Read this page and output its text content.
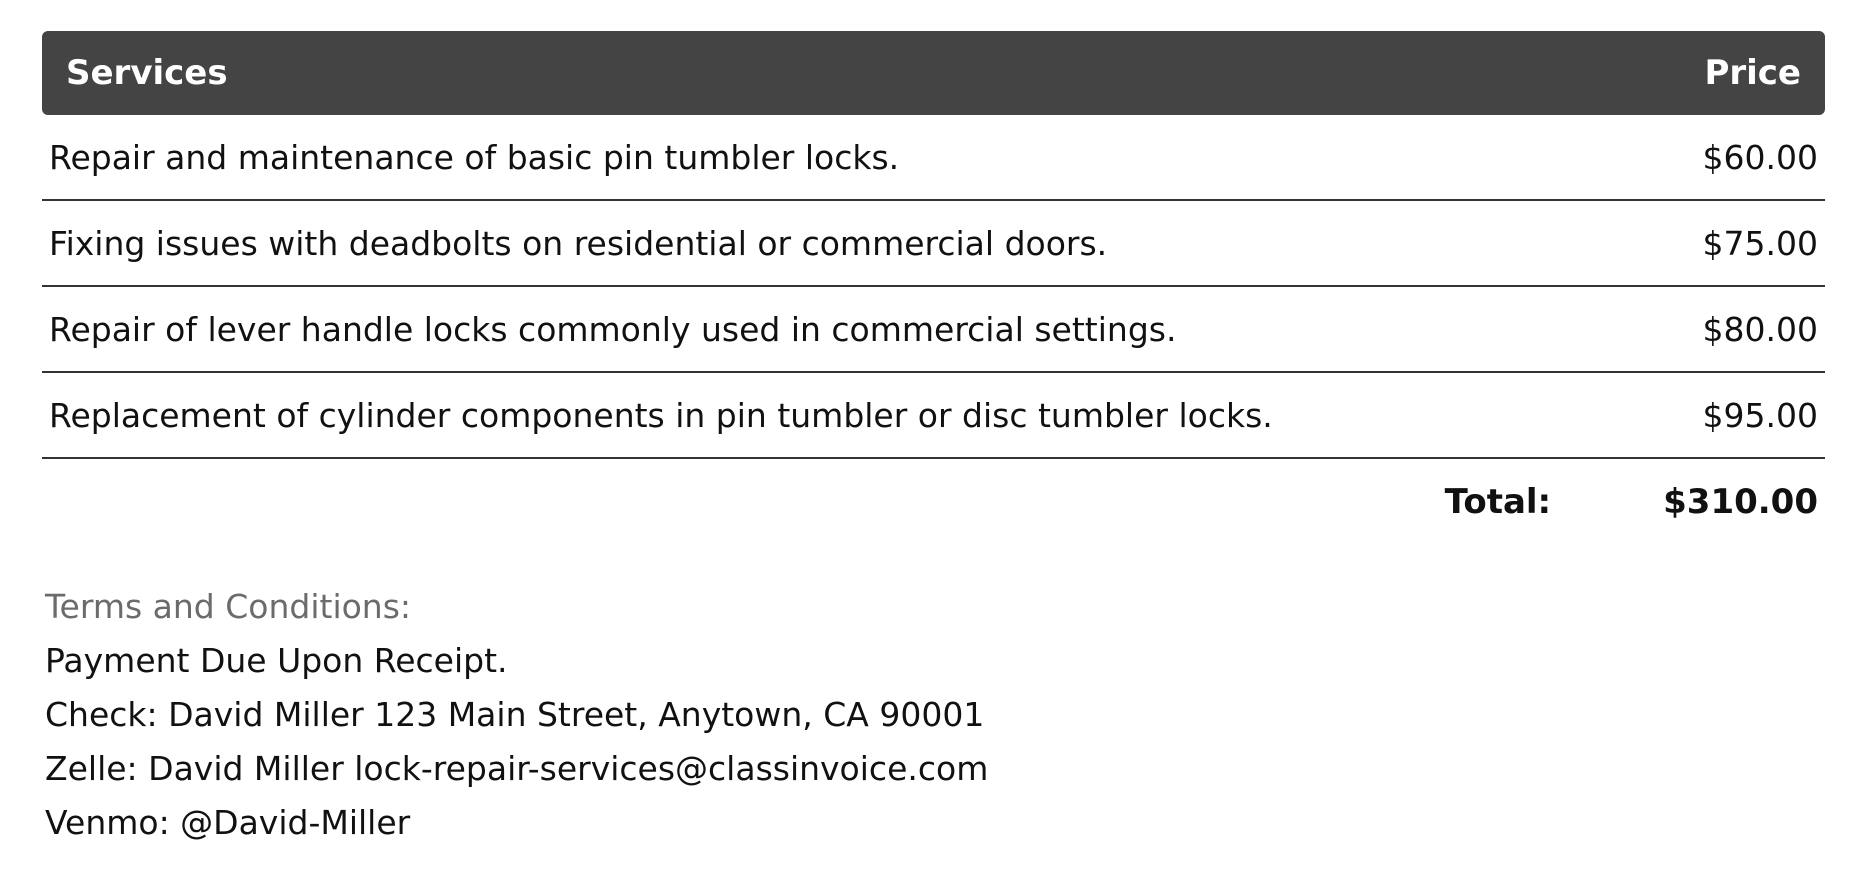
Services	Price
Repair and maintenance of basic pin tumbler locks.	$60.00
Fixing issues with deadbolts on residential or commercial doors.	$75.00
Repair of lever handle locks commonly used in commercial settings.	$80.00
Replacement of cylinder components in pin tumbler or disc tumbler locks.	$95.00
Total:	$310.00
Terms and Conditions:
Payment Due Upon Receipt.
Check: David Miller 123 Main Street, Anytown, CA 90001
Zelle: David Miller lock-repair-services@classinvoice.com
Venmo: @David-Miller
